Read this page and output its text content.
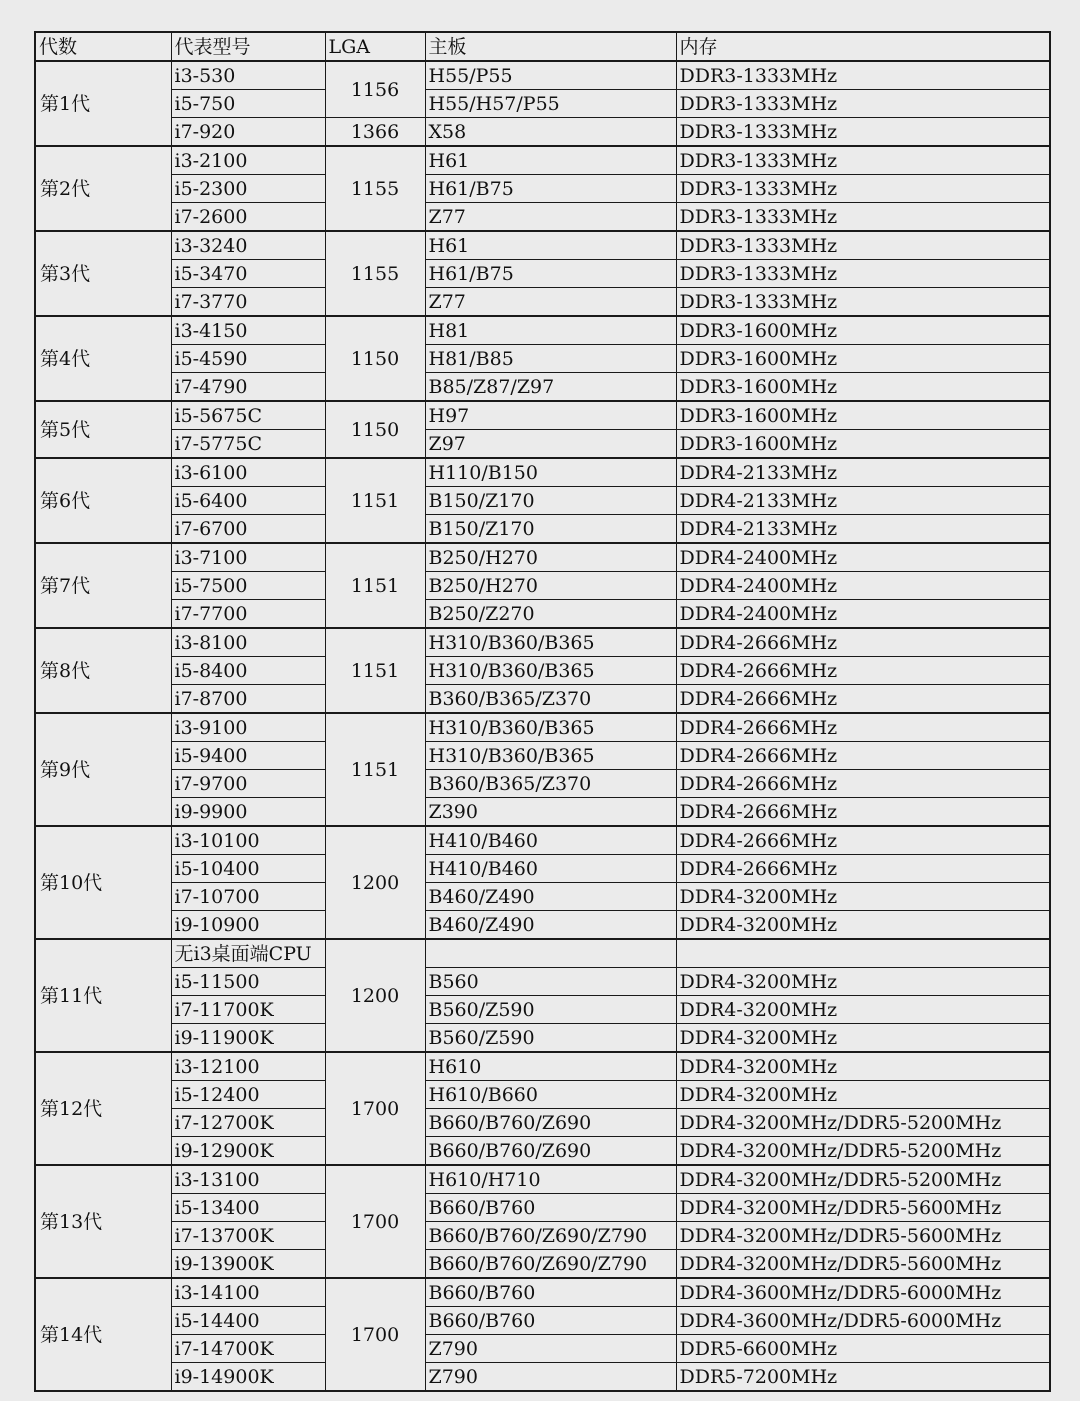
代数	代表型号	LGA	主板	内存
第1代	i3-530	1156	H55/P55	DDR3-1333MHz
	i5-750		H55/H57/P55	DDR3-1333MHz
	i7-920	1366	X58	DDR3-1333MHz
第2代	i3-2100	1155	H61	DDR3-1333MHz
	i5-2300		H61/B75	DDR3-1333MHz
	i7-2600		Z77	DDR3-1333MHz
第3代	i3-3240	1155	H61	DDR3-1333MHz
	i5-3470		H61/B75	DDR3-1333MHz
	i7-3770		Z77	DDR3-1333MHz
第4代	i3-4150	1150	H81	DDR3-1600MHz
	i5-4590		H81/B85	DDR3-1600MHz
	i7-4790		B85/Z87/Z97	DDR3-1600MHz
第5代	i5-5675C	1150	H97	DDR3-1600MHz
	i7-5775C		Z97	DDR3-1600MHz
第6代	i3-6100	1151	H110/B150	DDR4-2133MHz
	i5-6400		B150/Z170	DDR4-2133MHz
	i7-6700		B150/Z170	DDR4-2133MHz
第7代	i3-7100	1151	B250/H270	DDR4-2400MHz
	i5-7500		B250/H270	DDR4-2400MHz
	i7-7700		B250/Z270	DDR4-2400MHz
第8代	i3-8100	1151	H310/B360/B365	DDR4-2666MHz
	i5-8400		H310/B360/B365	DDR4-2666MHz
	i7-8700		B360/B365/Z370	DDR4-2666MHz
第9代	i3-9100	1151	H310/B360/B365	DDR4-2666MHz
	i5-9400		H310/B360/B365	DDR4-2666MHz
	i7-9700		B360/B365/Z370	DDR4-2666MHz
	i9-9900		Z390	DDR4-2666MHz
第10代	i3-10100	1200	H410/B460	DDR4-2666MHz
	i5-10400		H410/B460	DDR4-2666MHz
	i7-10700		B460/Z490	DDR4-3200MHz
	i9-10900		B460/Z490	DDR4-3200MHz
第11代	无i3桌面端CPU	1200		
	i5-11500		B560	DDR4-3200MHz
	i7-11700K		B560/Z590	DDR4-3200MHz
	i9-11900K		B560/Z590	DDR4-3200MHz
第12代	i3-12100	1700	H610	DDR4-3200MHz
	i5-12400		H610/B660	DDR4-3200MHz
	i7-12700K		B660/B760/Z690	DDR4-3200MHz/DDR5-5200MHz
	i9-12900K		B660/B760/Z690	DDR4-3200MHz/DDR5-5200MHz
第13代	i3-13100	1700	H610/H710	DDR4-3200MHz/DDR5-5200MHz
	i5-13400		B660/B760	DDR4-3200MHz/DDR5-5600MHz
	i7-13700K		B660/B760/Z690/Z790	DDR4-3200MHz/DDR5-5600MHz
	i9-13900K		B660/B760/Z690/Z790	DDR4-3200MHz/DDR5-5600MHz
第14代	i3-14100	1700	B660/B760	DDR4-3600MHz/DDR5-6000MHz
	i5-14400		B660/B760	DDR4-3600MHz/DDR5-6000MHz
	i7-14700K		Z790	DDR5-6600MHz
	i9-14900K		Z790	DDR5-7200MHz
